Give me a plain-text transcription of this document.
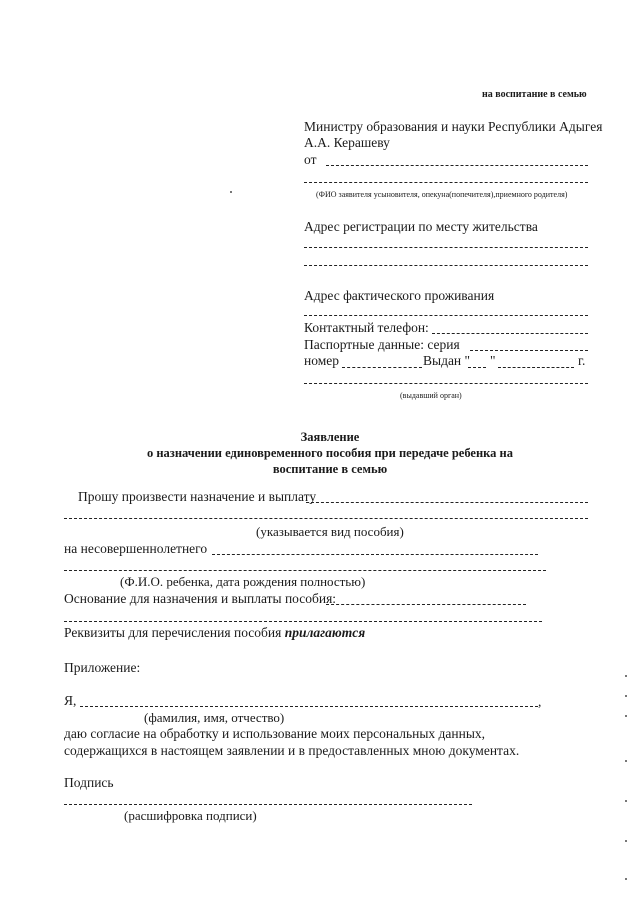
на воспитание в семью
Министру образования и науки Республики Адыгея
А.А. Керашеву
от
(ФИО заявителя усыновителя, опекуна(попечителя),приемного родителя)
Адрес регистрации по месту жительства
Адрес фактического проживания
Контактный телефон:
Паспортные данные: серия
номер	Выдан " "	г.
(выдавший орган)
Заявление
о назначении единовременного пособия при передаче ребенка на
воспитание в семью
Прошу произвести назначение и выплату
(указывается вид пособия)
на несовершеннолетнего
(Ф.И.О. ребенка, дата рождения полностью)
Основание для назначения и выплаты пособия:
Реквизиты для перечисления пособия прилагаются
Приложение:
Я,	,
(фамилия, имя, отчество)
даю согласие на обработку и использование моих персональных данных,
содержащихся в настоящем заявлении и в предоставленных мною документах.
Подпись
(расшифровка подписи)
